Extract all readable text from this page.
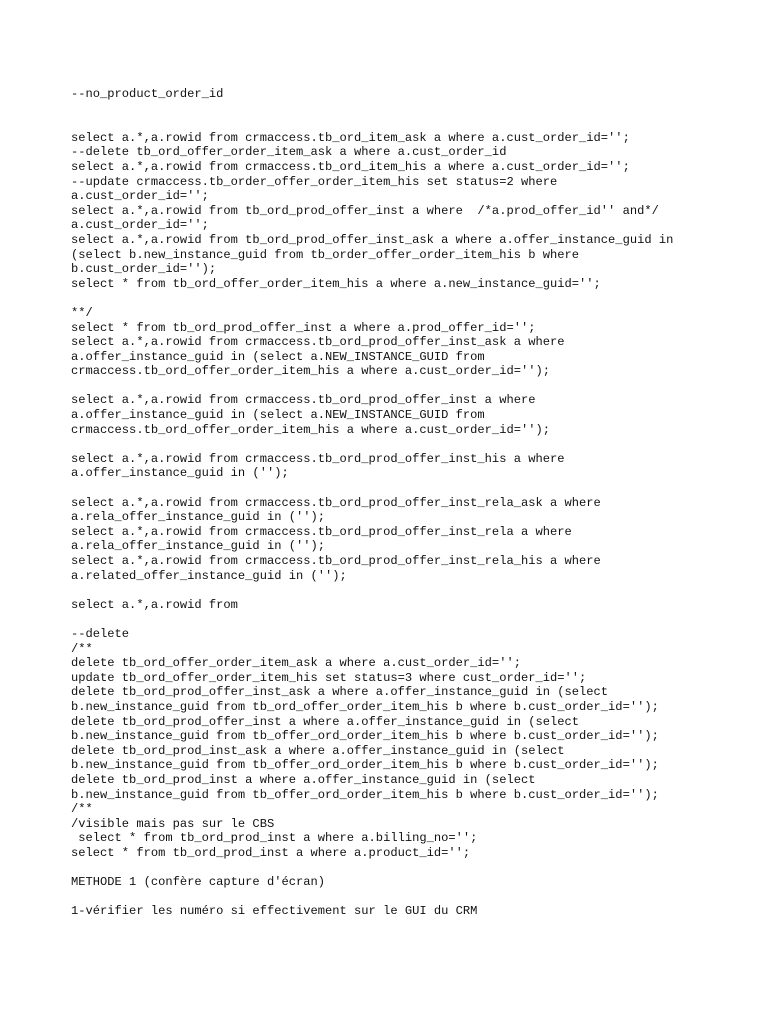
--no_product_order_id
select a.*,a.rowid from crmaccess.tb_ord_item_ask a where a.cust_order_id='';
--delete tb_ord_offer_order_item_ask a where a.cust_order_id
select a.*,a.rowid from crmaccess.tb_ord_item_his a where a.cust_order_id='';
--update crmaccess.tb_order_offer_order_item_his set status=2 where
a.cust_order_id='';
select a.*,a.rowid from tb_ord_prod_offer_inst a where  /*a.prod_offer_id'' and*/
a.cust_order_id='';
select a.*,a.rowid from tb_ord_prod_offer_inst_ask a where a.offer_instance_guid in
(select b.new_instance_guid from tb_order_offer_order_item_his b where
b.cust_order_id='');
select * from tb_ord_offer_order_item_his a where a.new_instance_guid='';
**/
select * from tb_ord_prod_offer_inst a where a.prod_offer_id='';
select a.*,a.rowid from crmaccess.tb_ord_prod_offer_inst_ask a where
a.offer_instance_guid in (select a.NEW_INSTANCE_GUID from
crmaccess.tb_ord_offer_order_item_his a where a.cust_order_id='');
select a.*,a.rowid from crmaccess.tb_ord_prod_offer_inst a where
a.offer_instance_guid in (select a.NEW_INSTANCE_GUID from
crmaccess.tb_ord_offer_order_item_his a where a.cust_order_id='');
select a.*,a.rowid from crmaccess.tb_ord_prod_offer_inst_his a where
a.offer_instance_guid in ('');
select a.*,a.rowid from crmaccess.tb_ord_prod_offer_inst_rela_ask a where
a.rela_offer_instance_guid in ('');
select a.*,a.rowid from crmaccess.tb_ord_prod_offer_inst_rela a where
a.rela_offer_instance_guid in ('');
select a.*,a.rowid from crmaccess.tb_ord_prod_offer_inst_rela_his a where
a.related_offer_instance_guid in ('');
select a.*,a.rowid from
--delete
/**
delete tb_ord_offer_order_item_ask a where a.cust_order_id='';
update tb_ord_offer_order_item_his set status=3 where cust_order_id='';
delete tb_ord_prod_offer_inst_ask a where a.offer_instance_guid in (select
b.new_instance_guid from tb_ord_offer_order_item_his b where b.cust_order_id='');
delete tb_ord_prod_offer_inst a where a.offer_instance_guid in (select
b.new_instance_guid from tb_offer_ord_order_item_his b where b.cust_order_id='');
delete tb_ord_prod_inst_ask a where a.offer_instance_guid in (select
b.new_instance_guid from tb_offer_ord_order_item_his b where b.cust_order_id='');
delete tb_ord_prod_inst a where a.offer_instance_guid in (select
b.new_instance_guid from tb_offer_ord_order_item_his b where b.cust_order_id='');
/**
/visible mais pas sur le CBS
select * from tb_ord_prod_inst a where a.billing_no='';
select * from tb_ord_prod_inst a where a.product_id='';
METHODE 1 (confère capture d'écran)
1-vérifier les numéro si effectivement sur le GUI du CRM
